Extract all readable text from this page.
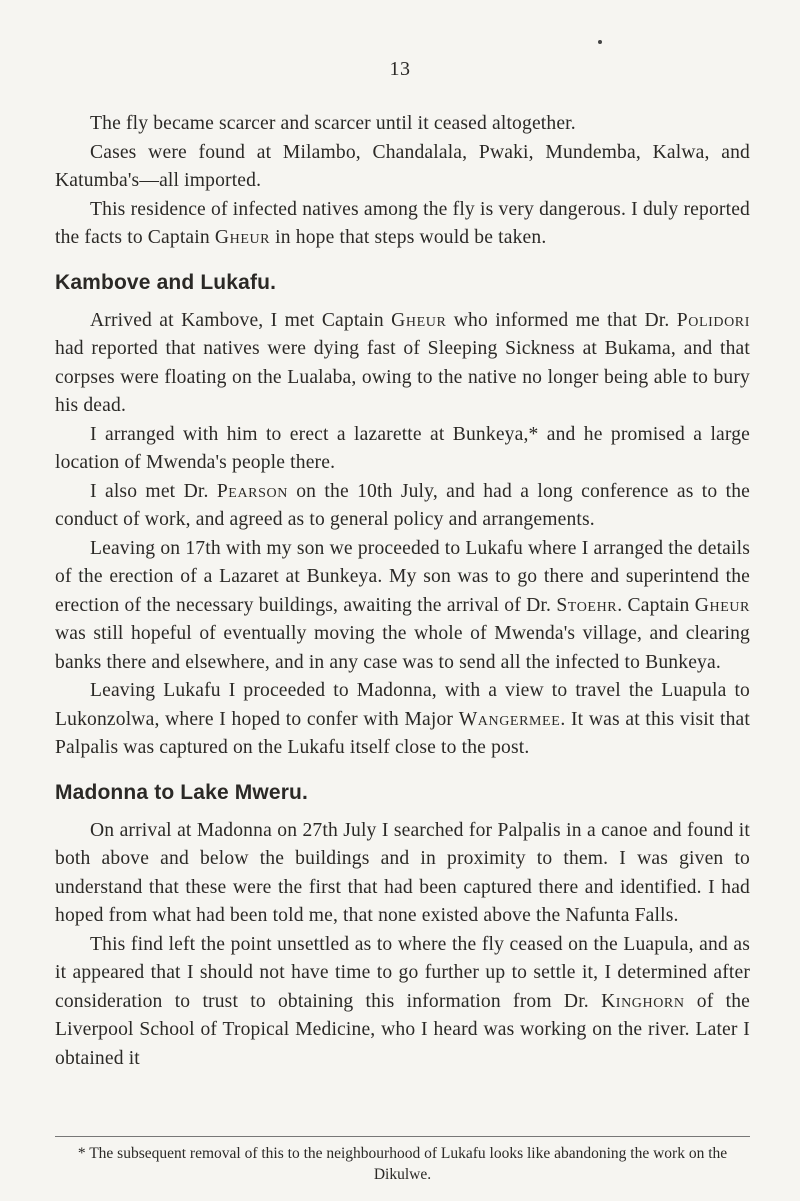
13

The fly became scarcer and scarcer until it ceased altogether.

Cases were found at Milambo, Chandalala, Pwaki, Mundemba, Kalwa, and Katumba's—all imported.

This residence of infected natives among the fly is very dangerous. I duly reported the facts to Captain Gheur in hope that steps would be taken.

Kambove and Lukafu.

Arrived at Kambove, I met Captain Gheur who informed me that Dr. Polidori had reported that natives were dying fast of Sleeping Sickness at Bukama, and that corpses were floating on the Lualaba, owing to the native no longer being able to bury his dead.

I arranged with him to erect a lazarette at Bunkeya,* and he promised a large location of Mwenda's people there.

I also met Dr. Pearson on the 10th July, and had a long conference as to the conduct of work, and agreed as to general policy and arrangements.

Leaving on 17th with my son we proceeded to Lukafu where I arranged the details of the erection of a Lazaret at Bunkeya. My son was to go there and superintend the erection of the necessary buildings, awaiting the arrival of Dr. Stoehr. Captain Gheur was still hopeful of eventually moving the whole of Mwenda's village, and clearing banks there and elsewhere, and in any case was to send all the infected to Bunkeya.

Leaving Lukafu I proceeded to Madonna, with a view to travel the Luapula to Lukonzolwa, where I hoped to confer with Major Wangermee. It was at this visit that Palpalis was captured on the Lukafu itself close to the post.

Madonna to Lake Mweru.

On arrival at Madonna on 27th July I searched for Palpalis in a canoe and found it both above and below the buildings and in proximity to them. I was given to understand that these were the first that had been captured there and identified. I had hoped from what had been told me, that none existed above the Nafunta Falls.

This find left the point unsettled as to where the fly ceased on the Luapula, and as it appeared that I should not have time to go further up to settle it, I determined after consideration to trust to obtaining this information from Dr. Kinghorn of the Liverpool School of Tropical Medicine, who I heard was working on the river. Later I obtained it

* The subsequent removal of this to the neighbourhood of Lukafu looks like abandoning the work on the Dikulwe.
